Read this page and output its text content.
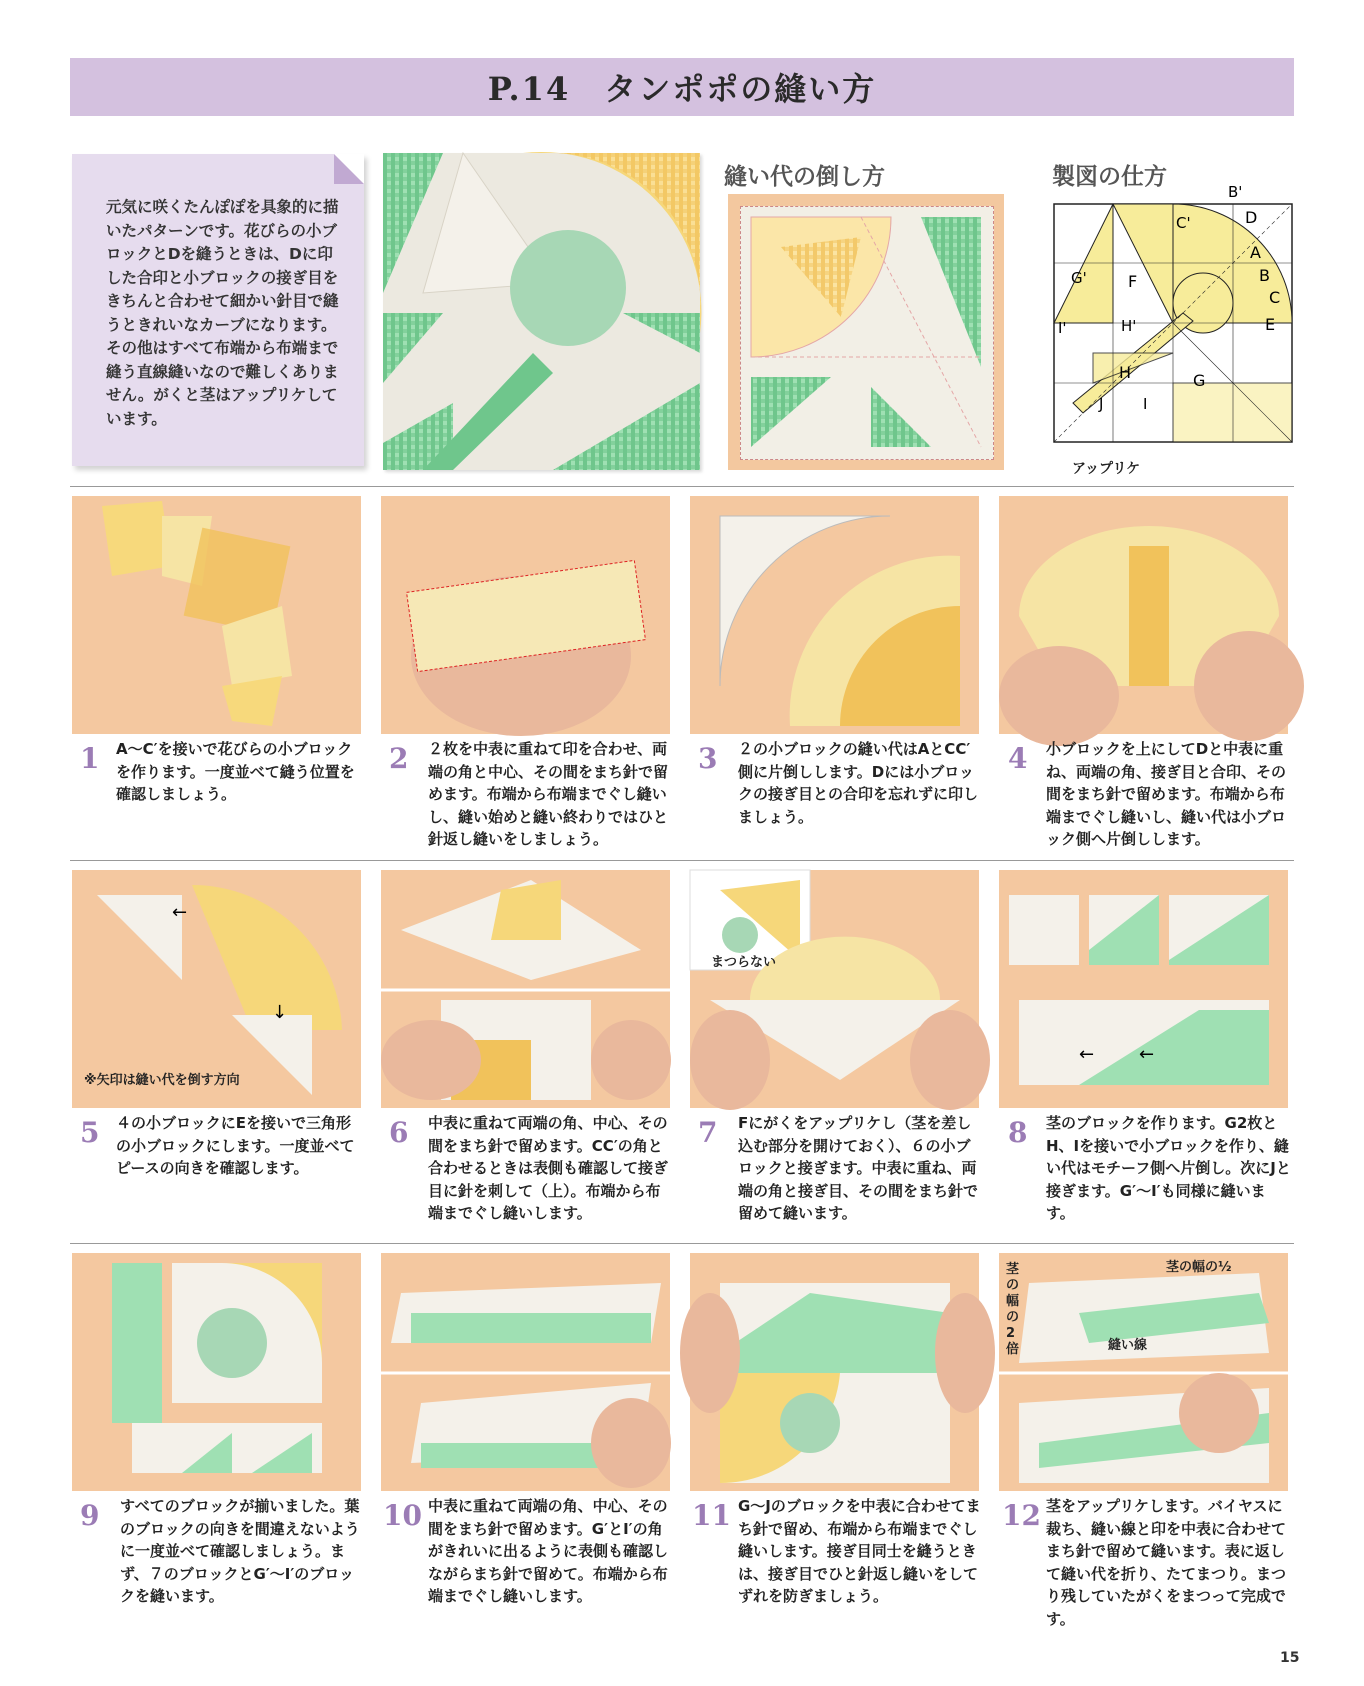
P.14　タンポポの縫い方
元気に咲くたんぽぽを具象的に描いたパターンです。花びらの小ブロックとDを縫うときは、Dに印した合印と小ブロックの接ぎ目をきちんと合わせて細かい針目で縫うときれいなカーブになります。その他はすべて布端から布端まで縫う直線縫いなので難しくありません。がくと茎はアップリケしています。
縫い代の倒し方	製図の仕方
B'
C'	D
A
B
C
E
F
G'
I'	H'
H	G
J	I
アップリケ
1 A～C′を接いで花びらの小ブロックを作ります。一度並べて縫う位置を確認しましょう。
2 ２枚を中表に重ねて印を合わせ、両端の角と中心、その間をまち針で留めます。布端から布端までぐし縫いし、縫い始めと縫い終わりではひと針返し縫いをしましょう。
3 ２の小ブロックの縫い代はAとCC′側に片倒しします。Dには小ブロックの接ぎ目との合印を忘れずに印しましょう。
4 小ブロックを上にしてDと中表に重ね、両端の角、接ぎ目と合印、その間をまち針で留めます。布端から布端までぐし縫いし、縫い代は小ブロック側へ片倒しします。
←
↓
※矢印は縫い代を倒す方向
まつらない
← ←
5 ４の小ブロックにEを接いで三角形の小ブロックにします。一度並べてピースの向きを確認します。
6 中表に重ねて両端の角、中心、その間をまち針で留めます。CC′の角と合わせるときは表側も確認して接ぎ目に針を刺して（上）。布端から布端までぐし縫いします。
7 Fにがくをアップリケし（茎を差し込む部分を開けておく）、６の小ブロックと接ぎます。中表に重ね、両端の角と接ぎ目、その間をまち針で留めて縫います。
8 茎のブロックを作ります。G2枚とH、Iを接いで小ブロックを作り、縫い代はモチーフ側へ片倒し。次にJと接ぎます。G′～I′も同様に縫います。
茎の幅の½
茎の幅の2倍	縫い線
9 すべてのブロックが揃いました。葉のブロックの向きを間違えないように一度並べて確認しましょう。まず、７のブロックとG′～I′のブロックを縫います。
10 中表に重ねて両端の角、中心、その間をまち針で留めます。G′とI′の角がきれいに出るように表側も確認しながらまち針で留めて。布端から布端までぐし縫いします。
11 G～Jのブロックを中表に合わせてまち針で留め、布端から布端までぐし縫いします。接ぎ目同士を縫うときは、接ぎ目でひと針返し縫いをしてずれを防ぎましょう。
12 茎をアップリケします。バイヤスに裁ち、縫い線と印を中表に合わせてまち針で留めて縫います。表に返して縫い代を折り、たてまつり。まつり残していたがくをまつって完成です。
15
